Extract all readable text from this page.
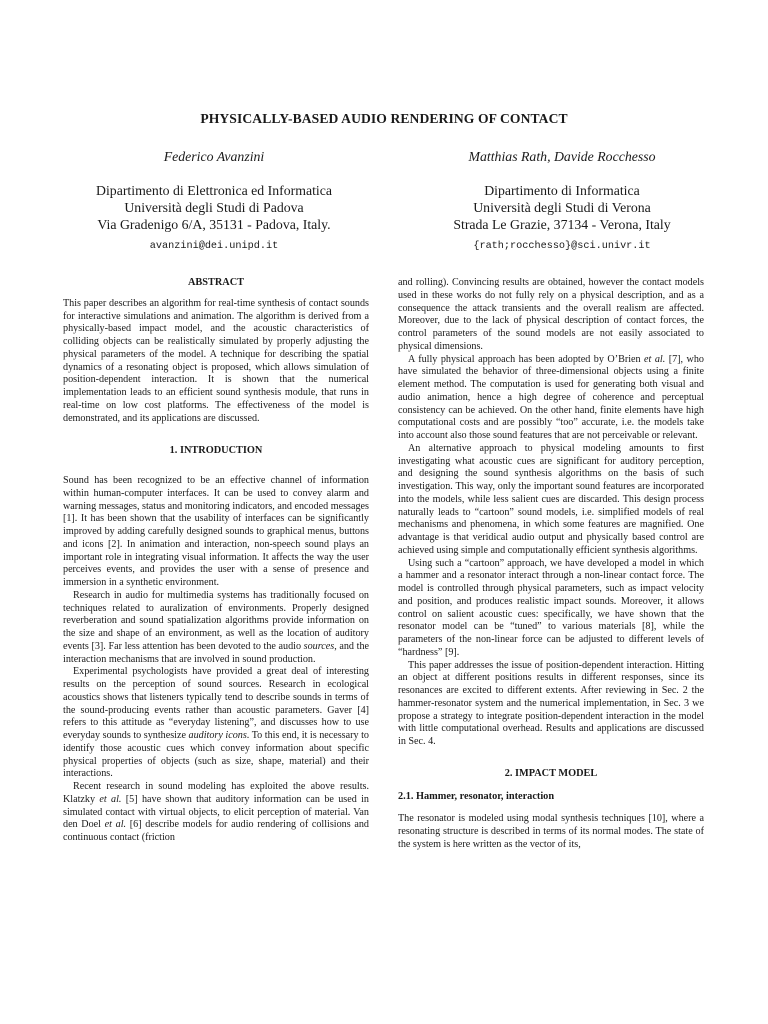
PHYSICALLY-BASED AUDIO RENDERING OF CONTACT
Federico Avanzini
Dipartimento di Elettronica ed Informatica
Università degli Studi di Padova
Via Gradenigo 6/A, 35131 - Padova, Italy.
avanzini@dei.unipd.it
Matthias Rath, Davide Rocchesso
Dipartimento di Informatica
Università degli Studi di Verona
Strada Le Grazie, 37134 - Verona, Italy
{rath;rocchesso}@sci.univr.it

ABSTRACT

This paper describes an algorithm for real-time synthesis of contact sounds for interactive simulations and animation. The algorithm is derived from a physically-based impact model, and the acoustic characteristics of colliding objects can be realistically simulated by properly adjusting the physical parameters of the model. A technique for describing the spatial dynamics of a resonating object is proposed, which allows simulation of position-dependent interaction. It is shown that the numerical implementation leads to an efficient sound synthesis module, that runs in real-time on low cost platforms. The effectiveness of the model is demonstrated, and its applications are discussed.

1. INTRODUCTION

Sound has been recognized to be an effective channel of information within human-computer interfaces. It can be used to convey alarm and warning messages, status and monitoring indicators, and encoded messages [1]. It has been shown that the usability of interfaces can be significantly improved by adding carefully designed sounds to graphical menus, buttons and icons [2]. In animation and interaction, non-speech sound plays an important role in integrating visual information. It affects the way the user perceives events, and provides the user with a sense of presence and immersion in a synthetic environment.

Research in audio for multimedia systems has traditionally focused on techniques related to auralization of environments. Properly designed reverberation and sound spatialization algorithms provide information on the size and shape of an environment, as well as the location of auditory events [3]. Far less attention has been devoted to the audio sources, and the interaction mechanisms that are involved in sound production.

Experimental psychologists have provided a great deal of interesting results on the perception of sound sources. Research in ecological acoustics shows that listeners typically tend to describe sounds in terms of the sound-producing events rather than acoustic parameters. Gaver [4] refers to this attitude as “everyday listening”, and discusses how to use everyday sounds to synthesize auditory icons. To this end, it is necessary to identify those acoustic cues which convey information about specific physical properties of objects (such as size, shape, material) and their interactions.

Recent research in sound modeling has exploited the above results. Klatzky et al. [5] have shown that auditory information can be used in simulated contact with virtual objects, to elicit perception of material. Van den Doel et al. [6] describe models for audio rendering of collisions and continuous contact (friction

and rolling). Convincing results are obtained, however the contact models used in these works do not fully rely on a physical description, and as a consequence the attack transients and the overall realism are affected. Moreover, due to the lack of physical description of contact forces, the control parameters of the sound models are not easily associated to physical dimensions.

A fully physical approach has been adopted by O’Brien et al. [7], who have simulated the behavior of three-dimensional objects using a finite element method. The computation is used for generating both visual and audio animation, hence a high degree of coherence and perceptual consistency can be achieved. On the other hand, finite elements have high computational costs and are possibly “too” accurate, i.e. the models take into account also those sound features that are not perceivable or relevant.

An alternative approach to physical modeling amounts to first investigating what acoustic cues are significant for auditory perception, and designing the sound synthesis algorithms on the basis of such investigation. This way, only the important sound features are incorporated into the models, while less salient cues are discarded. This design process naturally leads to “cartoon” sound models, i.e. simplified models of real mechanisms and phenomena, in which some features are magnified. One advantage is that veridical audio output and physically based control are achieved using simple and computationally efficient synthesis algorithms.

Using such a “cartoon” approach, we have developed a model in which a hammer and a resonator interact through a non-linear contact force. The model is controlled through physical parameters, such as impact velocity and position, and produces realistic impact sounds. Moreover, it allows control on salient acoustic cues: specifically, we have shown that the resonator model can be “tuned” to various materials [8], while the parameters of the non-linear force can be adjusted to different levels of “hardness” [9].

This paper addresses the issue of position-dependent interaction. Hitting an object at different positions results in different responses, since its resonances are excited to different extents. After reviewing in Sec. 2 the hammer-resonator system and the numerical implementation, in Sec. 3 we propose a strategy to integrate position-dependent interaction in the model with little computational overhead. Results and applications are discussed in Sec. 4.

2. IMPACT MODEL

2.1. Hammer, resonator, interaction

The resonator is modeled using modal synthesis techniques [10], where a resonating structure is described in terms of its normal modes. The state of the system is here written as the vector of its,
